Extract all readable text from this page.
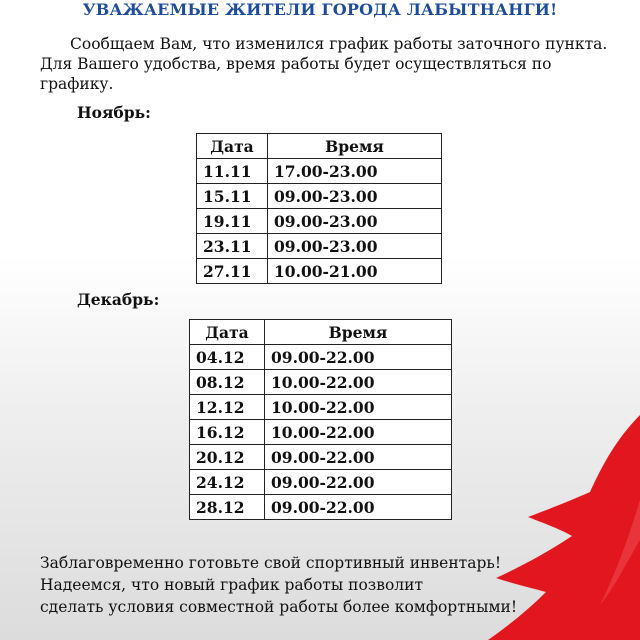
УВАЖАЕМЫЕ ЖИТЕЛИ ГОРОДА ЛАБЫТНАНГИ!
Сообщаем Вам, что изменился график работы заточного пункта. Для Вашего удобства, время работы будет осуществляться по графику.
Ноябрь:
Дата	Время
11.11	17.00-23.00
15.11	09.00-23.00
19.11	09.00-23.00
23.11	09.00-23.00
27.11	10.00-21.00
Декабрь:
Дата	Время
04.12	09.00-22.00
08.12	10.00-22.00
12.12	10.00-22.00
16.12	10.00-22.00
20.12	09.00-22.00
24.12	09.00-22.00
28.12	09.00-22.00
Заблаговременно готовьте свой спортивный инвентарь!
Надеемся, что новый график работы позволит
сделать условия совместной работы более комфортными!
